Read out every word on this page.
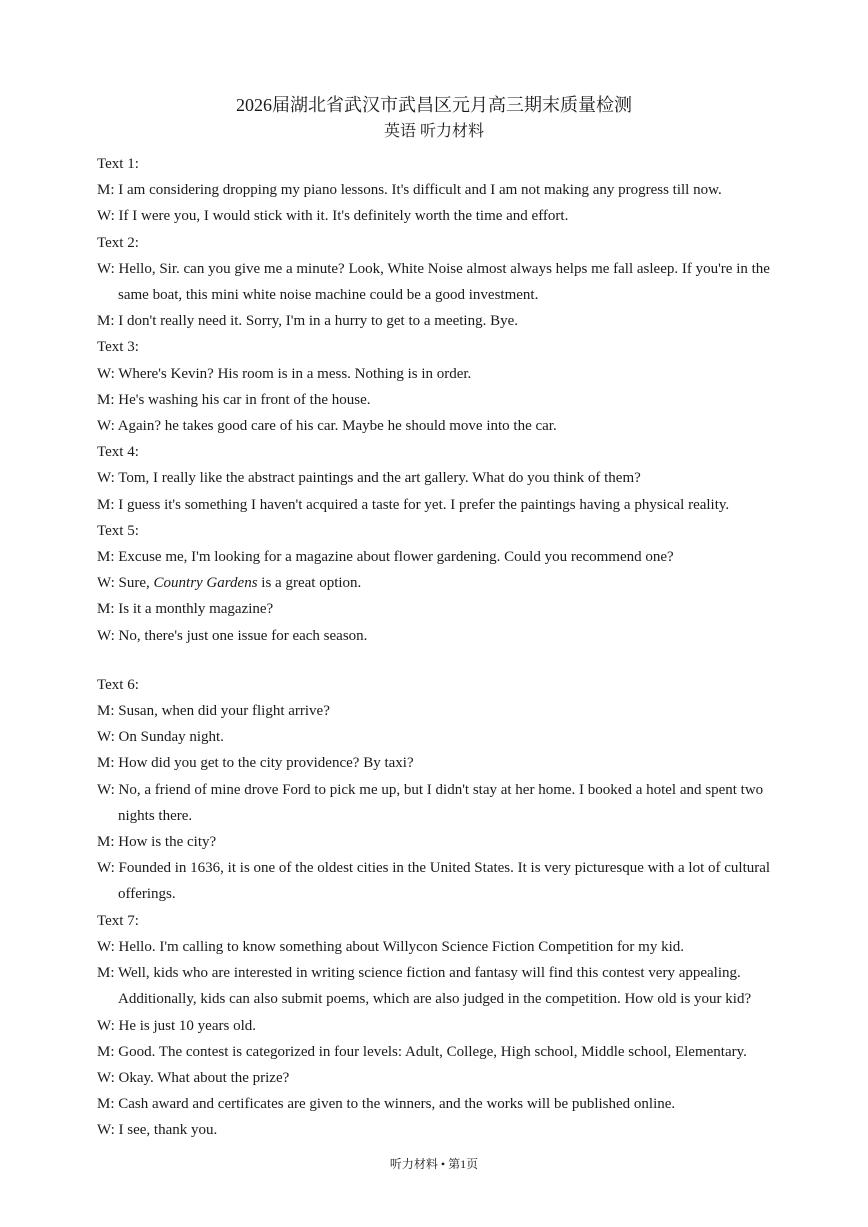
2026届湖北省武汉市武昌区元月高三期末质量检测
英语 听力材料

Text 1:

M: I am considering dropping my piano lessons. It's difficult and I am not making any progress till now.

W: If I were you, I would stick with it. It's definitely worth the time and effort.

Text 2:

W: Hello, Sir. can you give me a minute? Look, White Noise almost always helps me fall asleep. If you're in the same boat, this mini white noise machine could be a good investment.

M: I don't really need it. Sorry, I'm in a hurry to get to a meeting. Bye.

Text 3:

W: Where's Kevin? His room is in a mess. Nothing is in order.

M: He's washing his car in front of the house.

W: Again? he takes good care of his car. Maybe he should move into the car.

Text 4:

W: Tom, I really like the abstract paintings and the art gallery. What do you think of them?

M: I guess it's something I haven't acquired a taste for yet. I prefer the paintings having a physical reality.

Text 5:

M: Excuse me, I'm looking for a magazine about flower gardening. Could you recommend one?

W: Sure, Country Gardens is a great option.

M: Is it a monthly magazine?

W: No, there's just one issue for each season.

Text 6:

M: Susan, when did your flight arrive?

W: On Sunday night.

M: How did you get to the city providence? By taxi?

W: No, a friend of mine drove Ford to pick me up, but I didn't stay at her home. I booked a hotel and spent two nights there.

M: How is the city?

W: Founded in 1636, it is one of the oldest cities in the United States. It is very picturesque with a lot of cultural offerings.

Text 7:

W: Hello. I'm calling to know something about Willycon Science Fiction Competition for my kid.

M: Well, kids who are interested in writing science fiction and fantasy will find this contest very appealing. Additionally, kids can also submit poems, which are also judged in the competition. How old is your kid?

W: He is just 10 years old.

M: Good. The contest is categorized in four levels: Adult, College, High school, Middle school, Elementary.

W: Okay. What about the prize?

M: Cash award and certificates are given to the winners, and the works will be published online.

W: I see, thank you.

听力材料 • 第1页
